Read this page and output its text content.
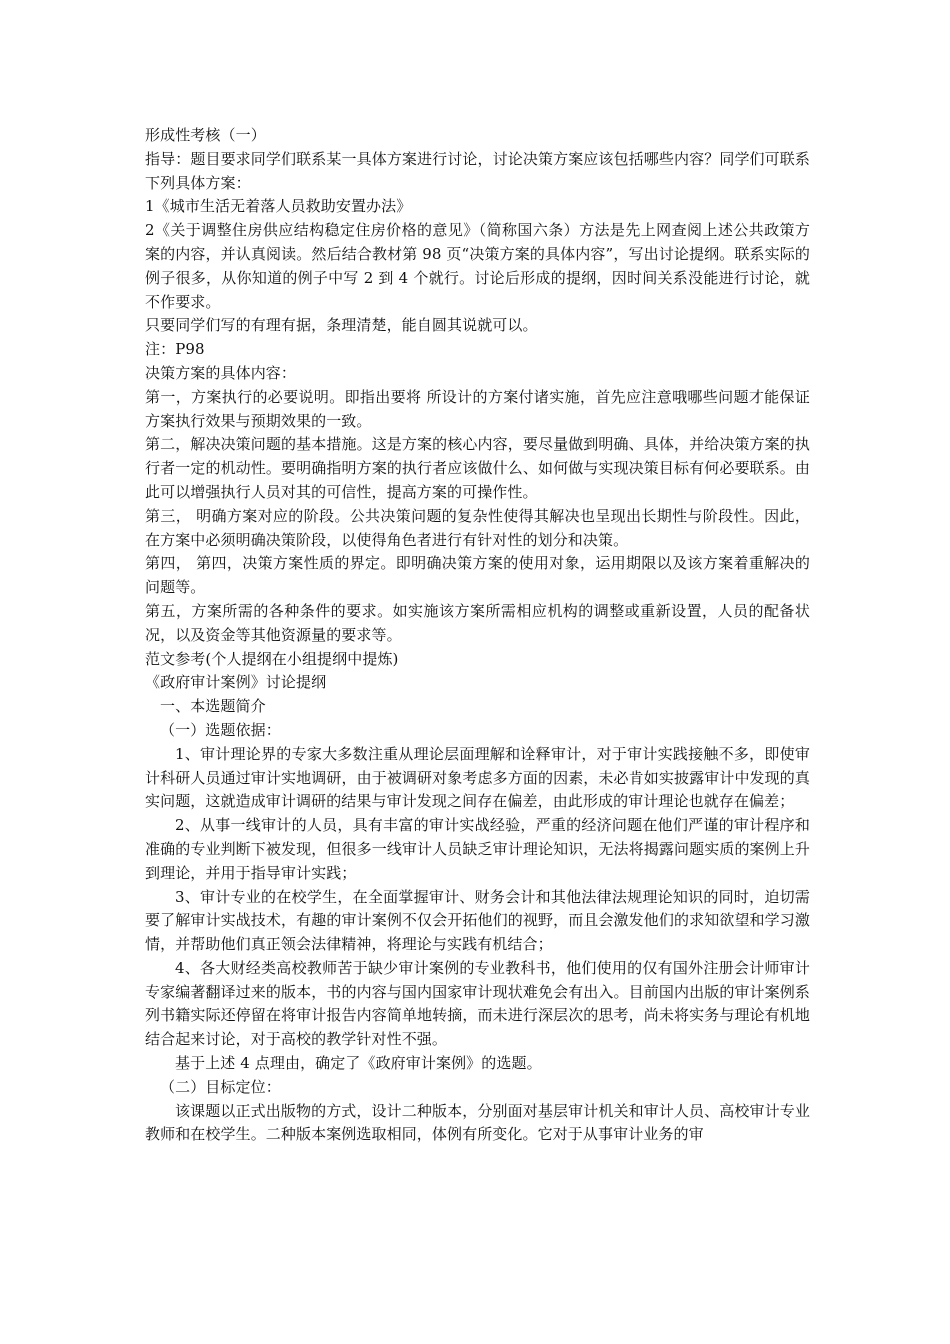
形成性考核（一）

指导：题目要求同学们联系某一具体方案进行讨论，讨论决策方案应该包括哪些内容？同学们可联系下列具体方案：

1《城市生活无着落人员救助安置办法》

2《关于调整住房供应结构稳定住房价格的意见》（简称国六条）方法是先上网查阅上述公共政策方案的内容，并认真阅读。然后结合教材第 98 页“决策方案的具体内容”，写出讨论提纲。联系实际的例子很多，从你知道的例子中写 2 到 4 个就行。讨论后形成的提纲，因时间关系没能进行讨论，就不作要求。

只要同学们写的有理有据，条理清楚，能自圆其说就可以。

注：P98

决策方案的具体内容：

第一，方案执行的必要说明。即指出要将 所设计的方案付诸实施，首先应注意哦哪些问题才能保证方案执行效果与预期效果的一致。

第二，解决决策问题的基本措施。这是方案的核心内容，要尽量做到明确、具体，并给决策方案的执行者一定的机动性。要明确指明方案的执行者应该做什么、如何做与实现决策目标有何必要联系。由此可以增强执行人员对其的可信性，提高方案的可操作性。

第三， 明确方案对应的阶段。公共决策问题的复杂性使得其解决也呈现出长期性与阶段性。因此，在方案中必须明确决策阶段，以使得角色者进行有针对性的划分和决策。

第四， 第四，决策方案性质的界定。即明确决策方案的使用对象，运用期限以及该方案着重解决的问题等。

第五，方案所需的各种条件的要求。如实施该方案所需相应机构的调整或重新设置，人员的配备状况，以及资金等其他资源量的要求等。

范文参考(个人提纲在小组提纲中提炼)

《政府审计案例》讨论提纲

一、本选题简介

（一）选题依据：

1、审计理论界的专家大多数注重从理论层面理解和诠释审计，对于审计实践接触不多，即使审计科研人员通过审计实地调研，由于被调研对象考虑多方面的因素，未必肯如实披露审计中发现的真实问题，这就造成审计调研的结果与审计发现之间存在偏差，由此形成的审计理论也就存在偏差；

2、从事一线审计的人员，具有丰富的审计实战经验，严重的经济问题在他们严谨的审计程序和准确的专业判断下被发现，但很多一线审计人员缺乏审计理论知识，无法将揭露问题实质的案例上升到理论，并用于指导审计实践；

3、审计专业的在校学生，在全面掌握审计、财务会计和其他法律法规理论知识的同时，迫切需要了解审计实战技术，有趣的审计案例不仅会开拓他们的视野，而且会激发他们的求知欲望和学习激情，并帮助他们真正领会法律精神，将理论与实践有机结合；

4、各大财经类高校教师苦于缺少审计案例的专业教科书，他们使用的仅有国外注册会计师审计专家编著翻译过来的版本，书的内容与国内国家审计现状难免会有出入。目前国内出版的审计案例系列书籍实际还停留在将审计报告内容简单地转摘，而未进行深层次的思考，尚未将实务与理论有机地结合起来讨论，对于高校的教学针对性不强。

基于上述 4 点理由，确定了《政府审计案例》的选题。

（二）目标定位：

该课题以正式出版物的方式，设计二种版本，分别面对基层审计机关和审计人员、高校审计专业教师和在校学生。二种版本案例选取相同，体例有所变化。它对于从事审计业务的审
